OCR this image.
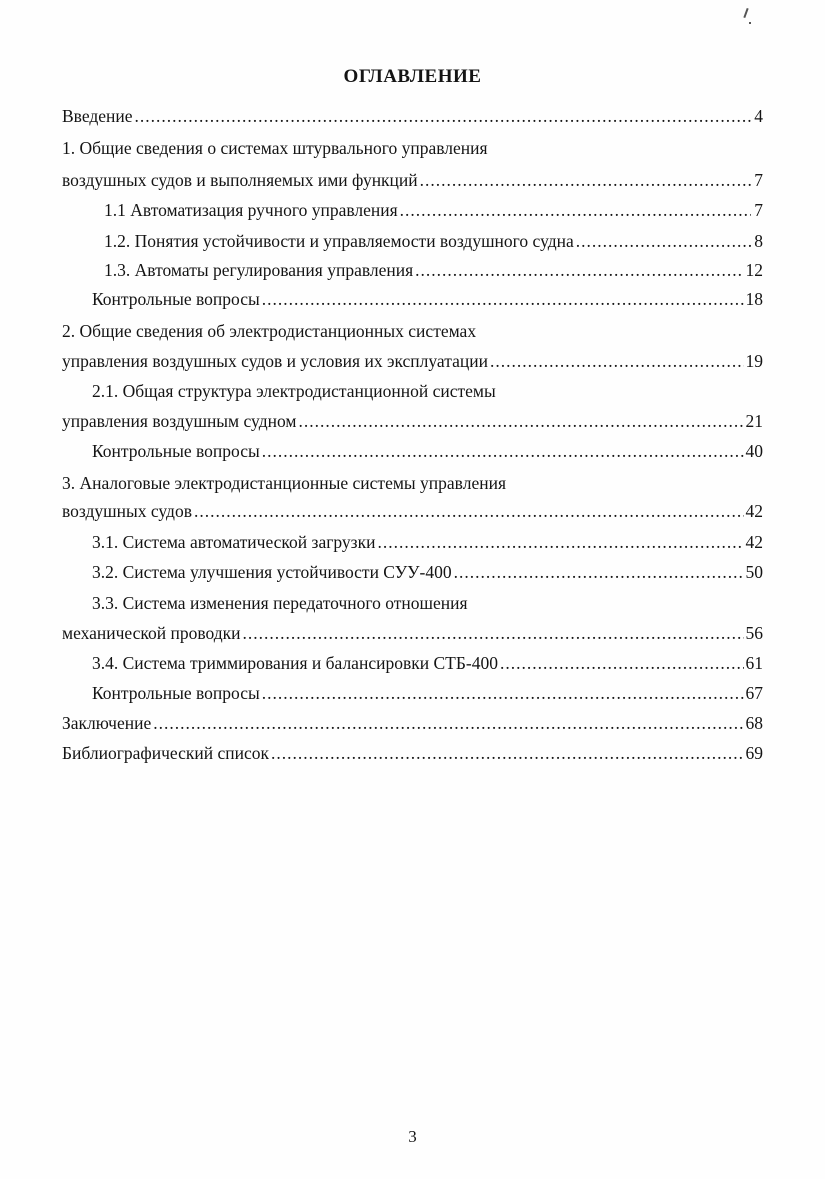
ОГЛАВЛЕНИЕ
Введение .....	4
1. Общие сведения о системах штурвального управления
воздушных судов и выполняемых ими функций .....	7
1.1 Автоматизация ручного управления .....	7
1.2. Понятия устойчивости и управляемости воздушного судна .....	8
1.3. Автоматы регулирования управления .....	12
Контрольные вопросы .....	18
2. Общие сведения об электродистанционных системах
управления воздушных судов и условия их эксплуатации .....	19
2.1. Общая структура электродистанционной системы
управления воздушным судном .....	21
Контрольные вопросы .....	40
3. Аналоговые электродистанционные системы управления
воздушных судов .....	42
3.1. Система автоматической загрузки .....	42
3.2. Система улучшения устойчивости СУУ-400 .....	50
3.3. Система изменения передаточного отношения
механической проводки .....	56
3.4. Система триммирования и балансировки СТБ-400 .....	61
Контрольные вопросы .....	67
Заключение .....	68
Библиографический список .....	69
3
